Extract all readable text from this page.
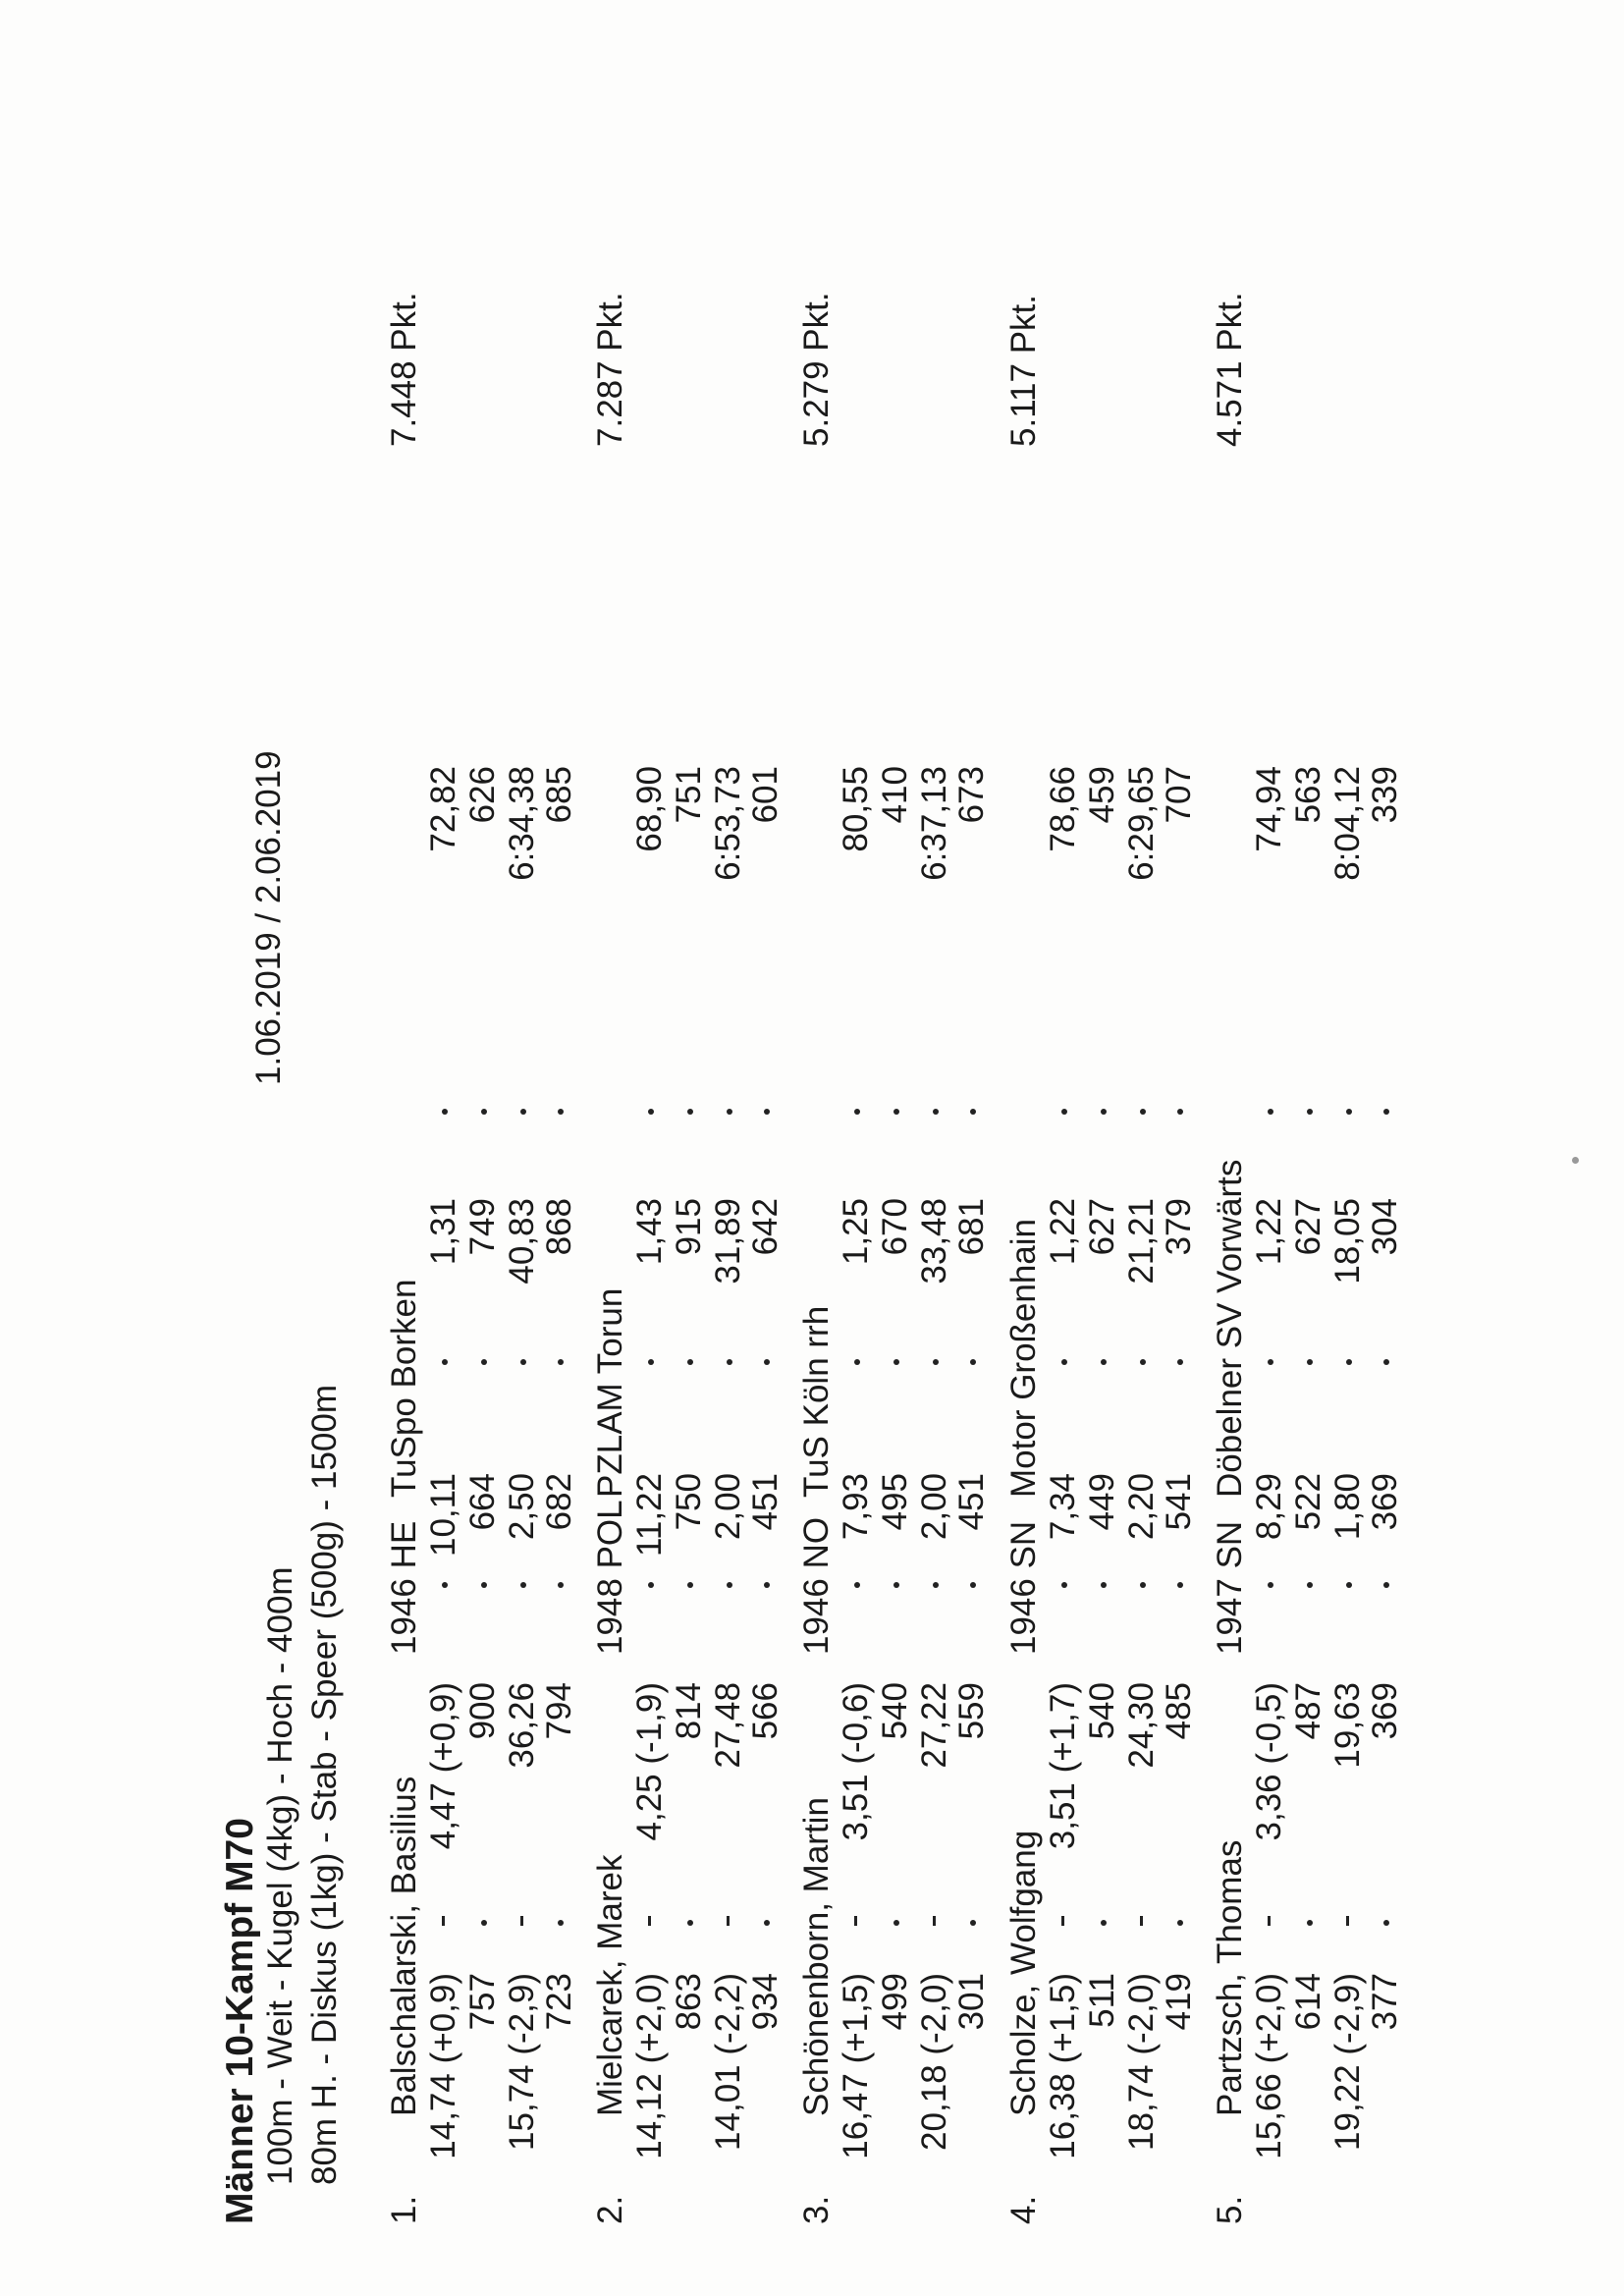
Männer 10-Kampf M70 100m - Weit - Kugel (4kg) - Hoch - 400m 80m H. - Diskus (1kg) - Stab - Speer (500g) - 1500m
1.06.2019 / 2.06.2019
1.
Balschalarski, Basilius
1946 HE
TuSpo Borken
7.448 Pkt.
14,74 (+0,9)
4,47 (+0,9)
10,11
1,31
72,82
757
900
664
749
626
15,74 (-2,9)
36,26
2,50
40,83
6:34,38
723
794
682
868
685
2.
Mielcarek, Marek
1948 POL
PZLAM Torun
7.287 Pkt.
14,12 (+2,0)
4,25 (-1,9)
11,22
1,43
68,90
863
814
750
915
751
14,01 (-2,2)
27,48
2,00
31,89
6:53,73
934
566
451
642
601
3.
Schönenborn, Martin
1946 NO
TuS Köln rrh
5.279 Pkt.
16,47 (+1,5)
3,51 (-0,6)
7,93
1,25
80,55
499
540
495
670
410
20,18 (-2,0)
27,22
2,00
33,48
6:37,13
301
559
451
681
673
4.
Scholze, Wolfgang
1946 SN
Motor Großenhain
5.117 Pkt.
16,38 (+1,5)
3,51 (+1,7)
7,34
1,22
78,66
511
540
449
627
459
18,74 (-2,0)
24,30
2,20
21,21
6:29,65
419
485
541
379
707
5.
Partzsch, Thomas
1947 SN
Döbelner SV Vorwärts
4.571 Pkt.
15,66 (+2,0)
3,36 (-0,5)
8,29
1,22
74,94
614
487
522
627
563
19,22 (-2,9)
19,63
1,80
18,05
8:04,12
377
369
369
304
339
